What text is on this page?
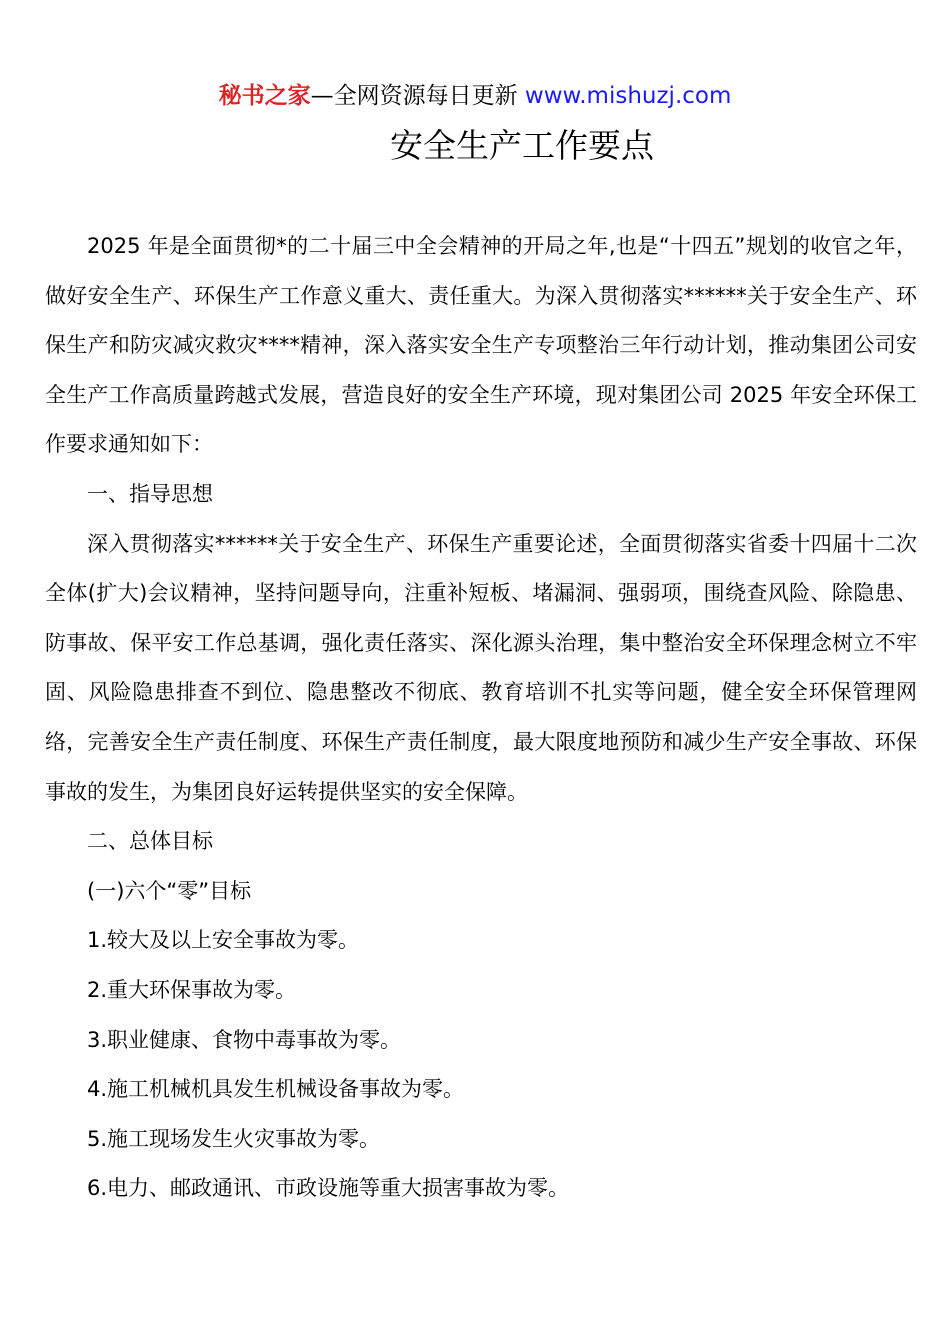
秘书之家—全网资源每日更新 www.mishuzj.com
安全生产工作要点

2025 年是全面贯彻*的二十届三中全会精神的开局之年,也是“十四五”规划的收官之年，做好安全生产、环保生产工作意义重大、责任重大。为深入贯彻落实******关于安全生产、环保生产和防灾减灾救灾****精神，深入落实安全生产专项整治三年行动计划，推动集团公司安全生产工作高质量跨越式发展，营造良好的安全生产环境，现对集团公司 2025 年安全环保工作要求通知如下：

一、指导思想

深入贯彻落实******关于安全生产、环保生产重要论述，全面贯彻落实省委十四届十二次全体(扩大)会议精神，坚持问题导向，注重补短板、堵漏洞、强弱项，围绕查风险、除隐患、防事故、保平安工作总基调，强化责任落实、深化源头治理，集中整治安全环保理念树立不牢固、风险隐患排查不到位、隐患整改不彻底、教育培训不扎实等问题，健全安全环保管理网络，完善安全生产责任制度、环保生产责任制度，最大限度地预防和减少生产安全事故、环保事故的发生，为集团良好运转提供坚实的安全保障。

二、总体目标

(一)六个“零”目标

1.较大及以上安全事故为零。

2.重大环保事故为零。

3.职业健康、食物中毒事故为零。

4.施工机械机具发生机械设备事故为零。

5.施工现场发生火灾事故为零。

6.电力、邮政通讯、市政设施等重大损害事故为零。
